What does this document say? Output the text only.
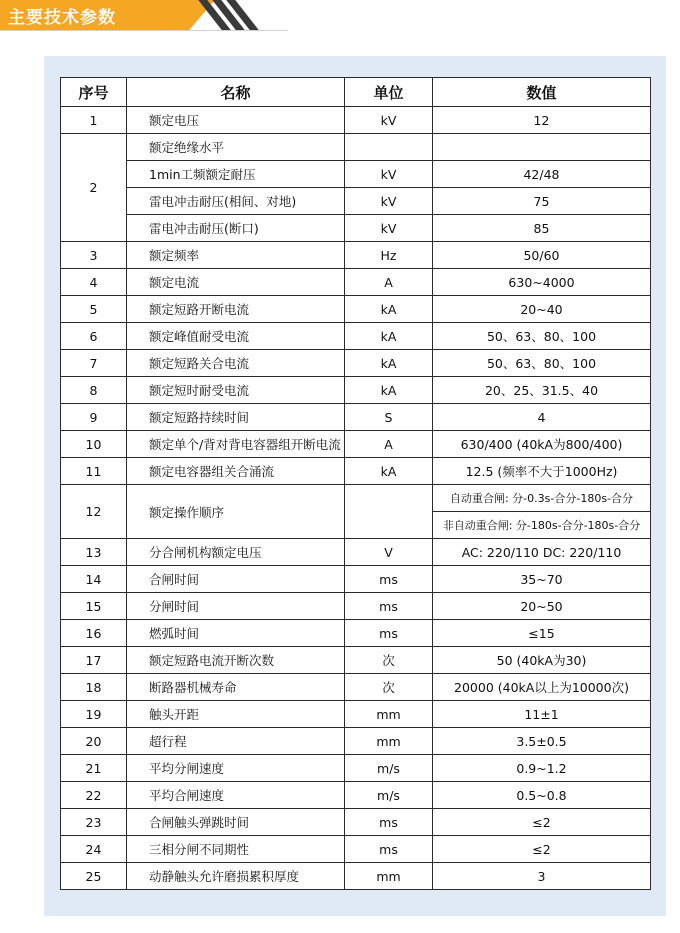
主要技术参数
序号	名称	单位	数值
1	额定电压	kV	12
2	额定绝缘水平		
	1min工频额定耐压	kV	42/48
	雷电冲击耐压(相间、对地)	kV	75
	雷电冲击耐压(断口)	kV	85
3	额定频率	Hz	50/60
4	额定电流	A	630~4000
5	额定短路开断电流	kA	20~40
6	额定峰值耐受电流	kA	50、63、80、100
7	额定短路关合电流	kA	50、63、80、100
8	额定短时耐受电流	kA	20、25、31.5、40
9	额定短路持续时间	S	4
10	额定单个/背对背电容器组开断电流	A	630/400 (40kA为800/400)
11	额定电容器组关合涌流	kA	12.5 (频率不大于1000Hz)
12	额定操作顺序		自动重合闸: 分-0.3s-合分-180s-合分
			非自动重合闸: 分-180s-合分-180s-合分
13	分合闸机构额定电压	V	AC: 220/110 DC: 220/110
14	合闸时间	ms	35~70
15	分闸时间	ms	20~50
16	燃弧时间	ms	≤15
17	额定短路电流开断次数	次	50 (40kA为30)
18	断路器机械寿命	次	20000 (40kA以上为10000次)
19	触头开距	mm	11±1
20	超行程	mm	3.5±0.5
21	平均分闸速度	m/s	0.9~1.2
22	平均合闸速度	m/s	0.5~0.8
23	合闸触头弹跳时间	ms	≤2
24	三相分闸不同期性	ms	≤2
25	动静触头允许磨损累积厚度	mm	3
